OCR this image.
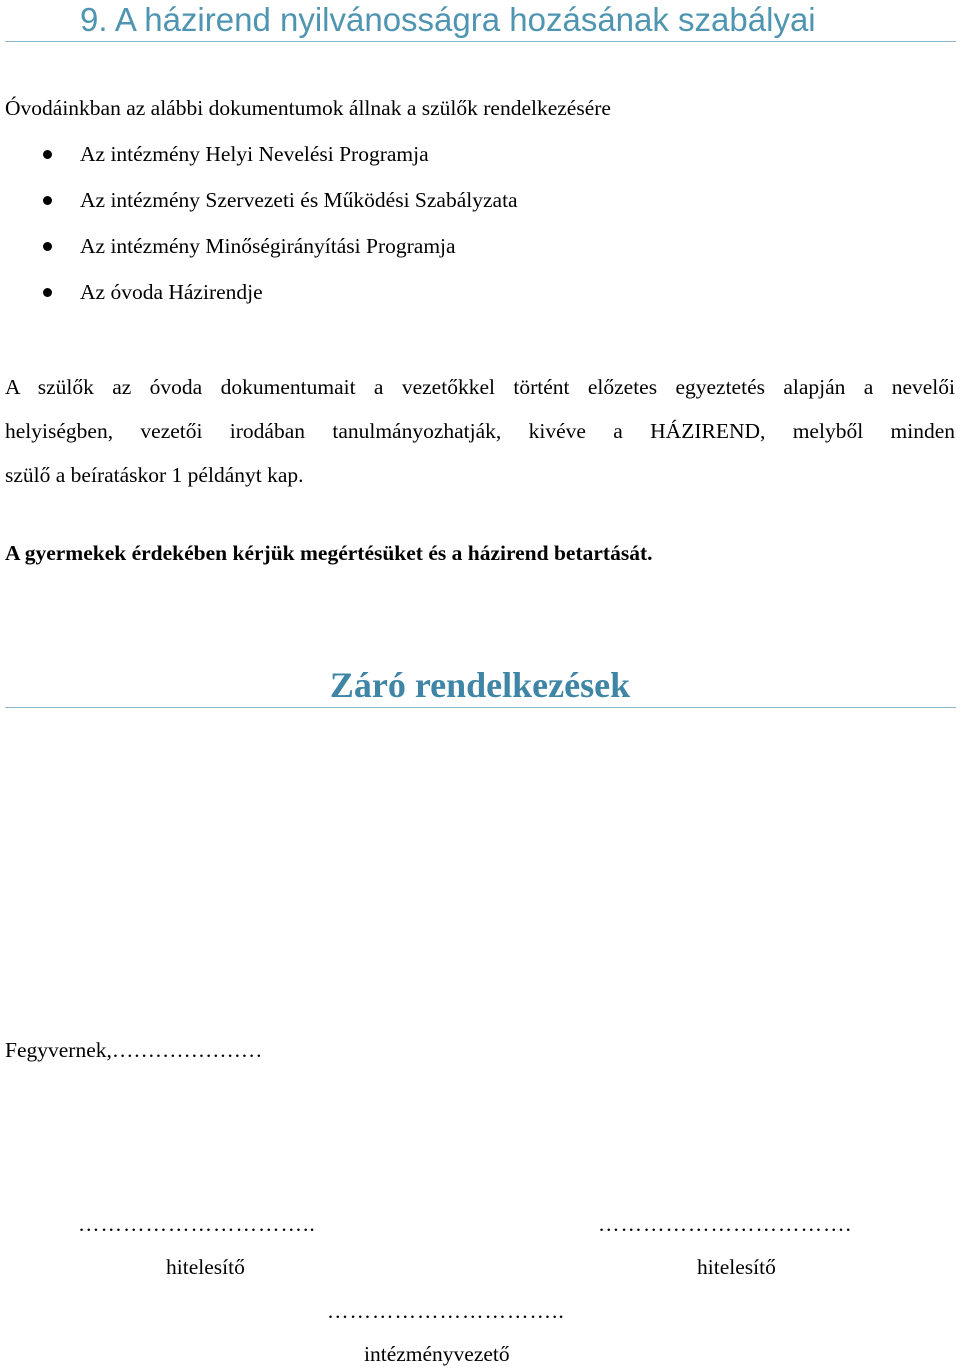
9. A házirend nyilvánosságra hozásának szabályai
Óvodáinkban az alábbi dokumentumok állnak a szülők rendelkezésére
Az intézmény Helyi Nevelési Programja
Az intézmény Szervezeti és Működési Szabályzata
Az intézmény Minőségirányítási Programja
Az óvoda Házirendje
A szülők az óvoda dokumentumait a vezetőkkel történt előzetes egyeztetés alapján a nevelői
helyiségben, vezetői irodában tanulmányozhatják, kivéve a HÁZIREND, melyből minden
szülő a beíratáskor 1 példányt kap.
A gyermekek érdekében kérjük megértésüket és a házirend betartását.
Záró rendelkezések
Fegyvernek,…………………
…………………………..
hitelesítő
…………………………….
hitelesítő
…………………………..
intézményvezető
